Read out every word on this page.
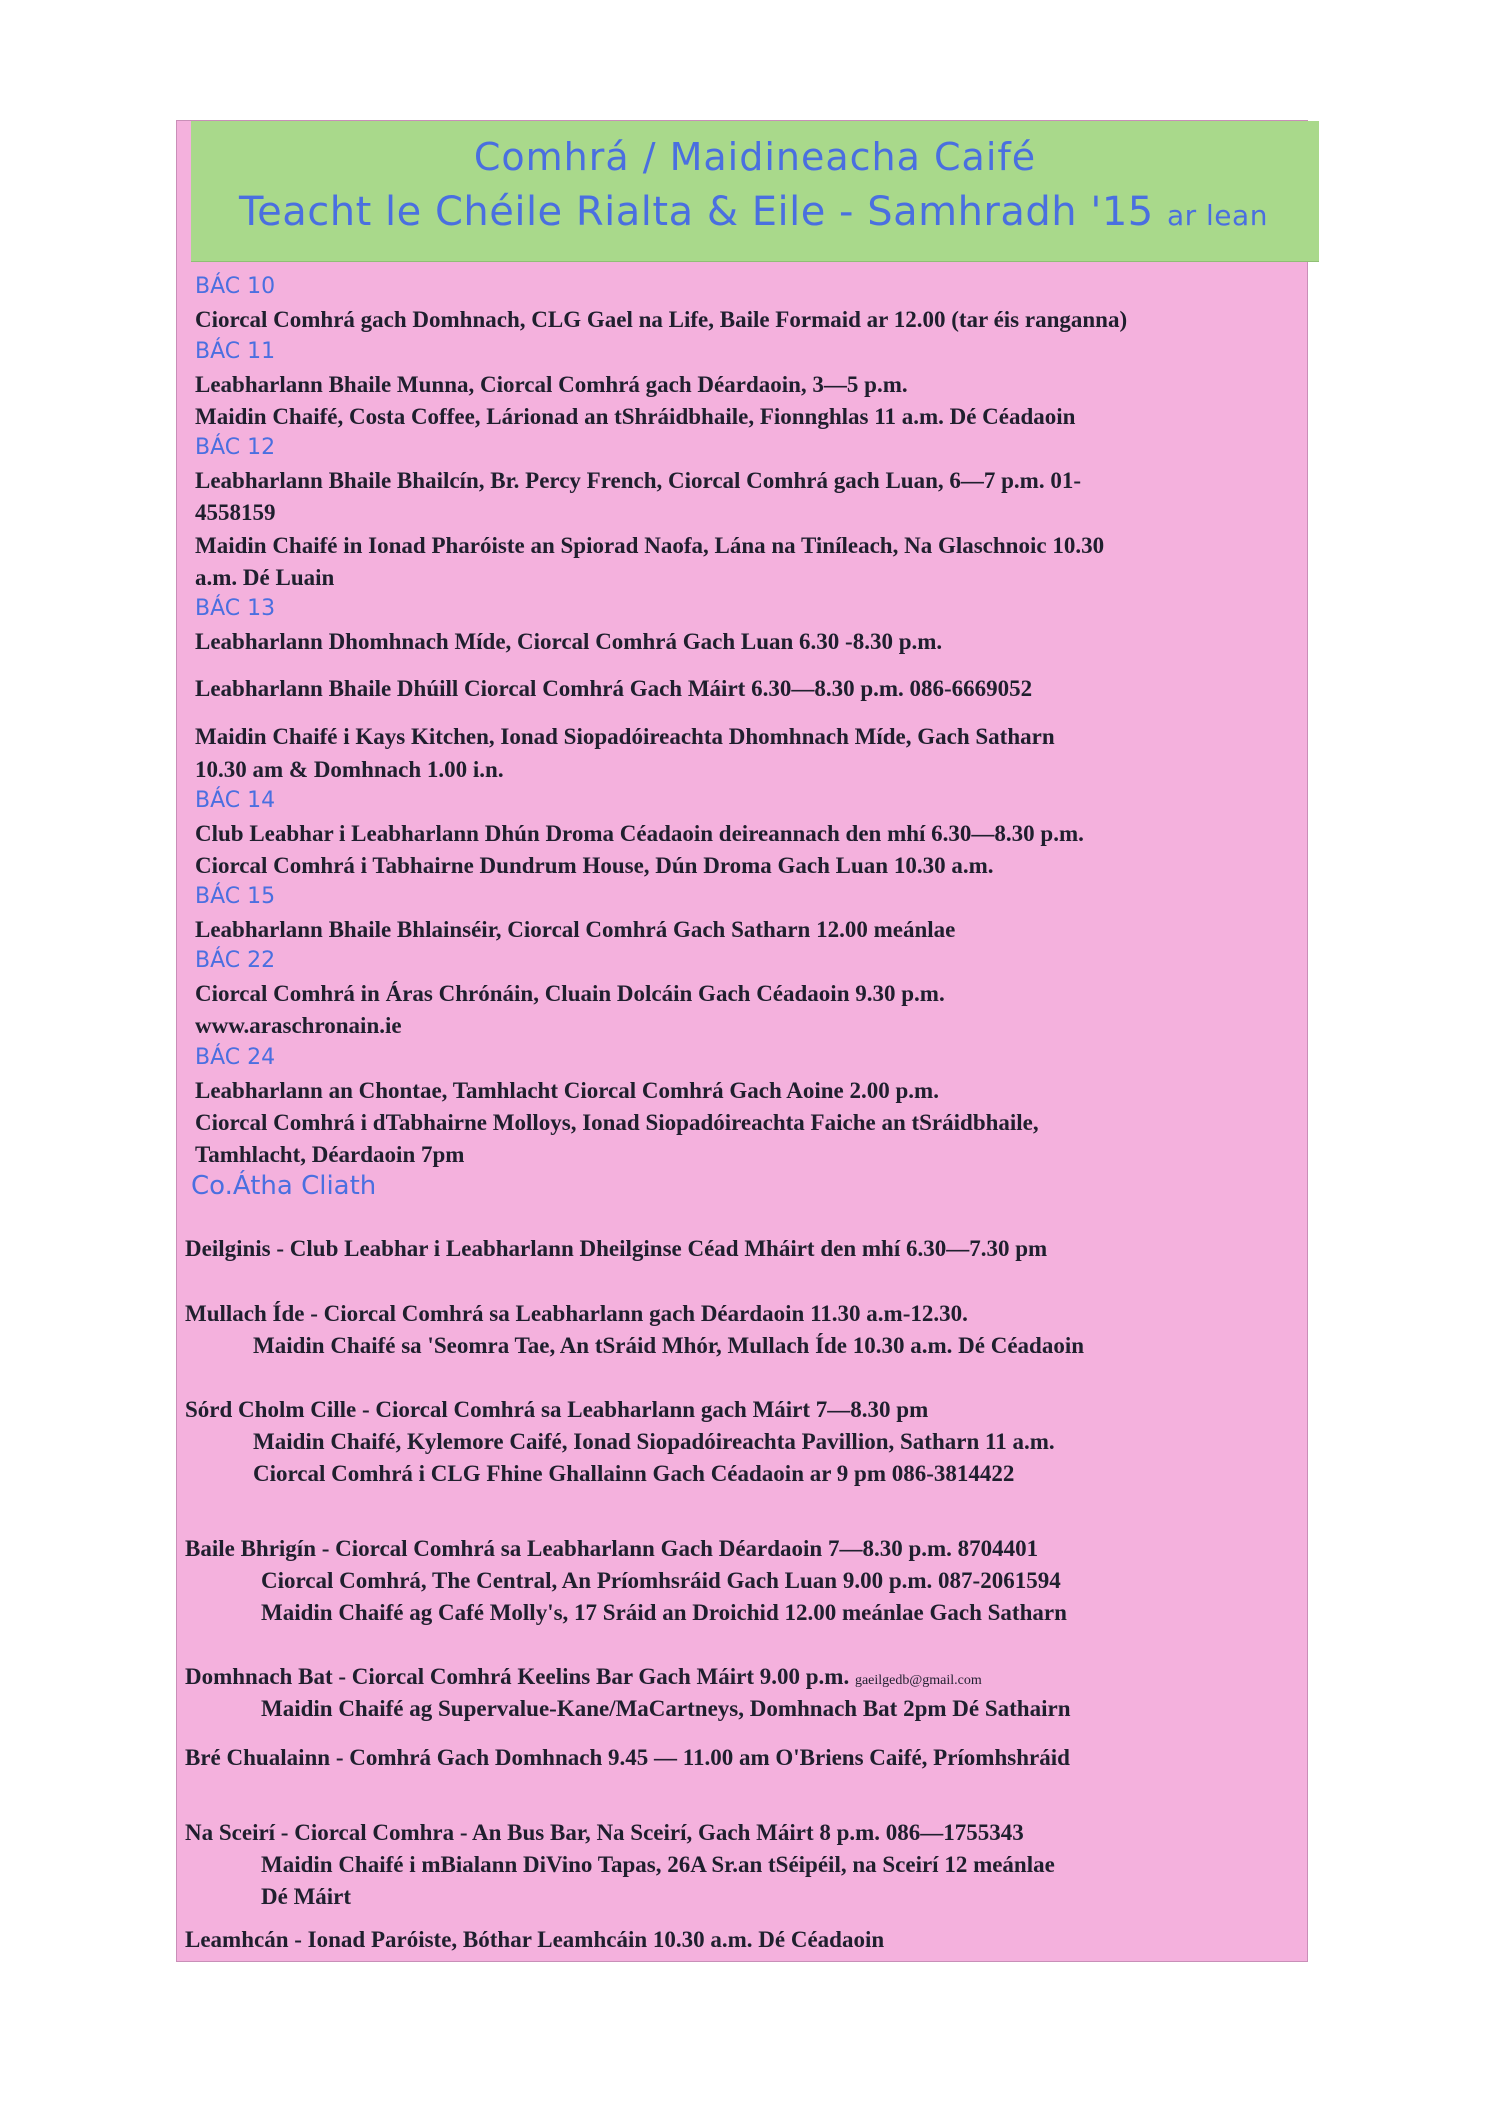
Comhrá / Maidineacha Caifé
Teacht le Chéile Rialta & Eile - Samhradh '15 ar lean
BÁC 10
Ciorcal Comhrá gach Domhnach, CLG Gael na Life, Baile Formaid ar 12.00 (tar éis ranganna)
BÁC 11
Leabharlann Bhaile Munna, Ciorcal Comhrá gach Déardaoin, 3—5 p.m.
Maidin Chaifé, Costa Coffee, Lárionad an tShráidbhaile, Fionnghlas 11 a.m. Dé Céadaoin
BÁC 12
Leabharlann Bhaile Bhailcín, Br. Percy French, Ciorcal Comhrá gach Luan, 6—7 p.m. 01-
4558159
Maidin Chaifé in Ionad Pharóiste an Spiorad Naofa, Lána na Tiníleach, Na Glaschnoic 10.30
a.m. Dé Luain
BÁC 13
Leabharlann Dhomhnach Míde, Ciorcal Comhrá Gach Luan 6.30 -8.30 p.m.
Leabharlann Bhaile Dhúill Ciorcal Comhrá Gach Máirt 6.30—8.30 p.m. 086-6669052
Maidin Chaifé i Kays Kitchen, Ionad Siopadóireachta Dhomhnach Míde, Gach Satharn
10.30 am & Domhnach 1.00 i.n.
BÁC 14
Club Leabhar i Leabharlann Dhún Droma Céadaoin deireannach den mhí 6.30—8.30 p.m.
Ciorcal Comhrá i Tabhairne Dundrum House, Dún Droma Gach Luan 10.30 a.m.
BÁC 15
Leabharlann Bhaile Bhlainséir, Ciorcal Comhrá Gach Satharn 12.00 meánlae
BÁC 22
Ciorcal Comhrá in Áras Chrónáin, Cluain Dolcáin Gach Céadaoin 9.30 p.m.
www.araschronain.ie
BÁC 24
Leabharlann an Chontae, Tamhlacht Ciorcal Comhrá Gach Aoine 2.00 p.m.
Ciorcal Comhrá i dTabhairne Molloys, Ionad Siopadóireachta Faiche an tSráidbhaile,
Tamhlacht, Déardaoin 7pm
Co.Átha Cliath
Deilginis - Club Leabhar i Leabharlann Dheilginse Céad Mháirt den mhí 6.30—7.30 pm
Mullach Íde - Ciorcal Comhrá sa Leabharlann gach Déardaoin 11.30 a.m-12.30.
Maidin Chaifé sa 'Seomra Tae, An tSráid Mhór, Mullach Íde 10.30 a.m. Dé Céadaoin
Sórd Cholm Cille - Ciorcal Comhrá sa Leabharlann gach Máirt 7—8.30 pm
Maidin Chaifé, Kylemore Caifé, Ionad Siopadóireachta Pavillion, Satharn 11 a.m.
Ciorcal Comhrá i CLG Fhine Ghallainn Gach Céadaoin ar 9 pm 086-3814422
Baile Bhrigín - Ciorcal Comhrá sa Leabharlann Gach Déardaoin 7—8.30 p.m. 8704401
Ciorcal Comhrá, The Central, An Príomhsráid Gach Luan 9.00 p.m. 087-2061594
Maidin Chaifé ag Café Molly's, 17 Sráid an Droichid 12.00 meánlae Gach Satharn
Domhnach Bat - Ciorcal Comhrá Keelins Bar Gach Máirt 9.00 p.m. gaeilgedb@gmail.com
Maidin Chaifé ag Supervalue-Kane/MaCartneys, Domhnach Bat 2pm Dé Sathairn
Bré Chualainn - Comhrá Gach Domhnach 9.45 — 11.00 am O'Briens Caifé, Príomhshráid
Na Sceirí - Ciorcal Comhra - An Bus Bar, Na Sceirí, Gach Máirt 8 p.m. 086—1755343
Maidin Chaifé i mBialann DiVino Tapas, 26A Sr.an tSéipéil, na Sceirí 12 meánlae
Dé Máirt
Leamhcán - Ionad Paróiste, Bóthar Leamhcáin 10.30 a.m. Dé Céadaoin
